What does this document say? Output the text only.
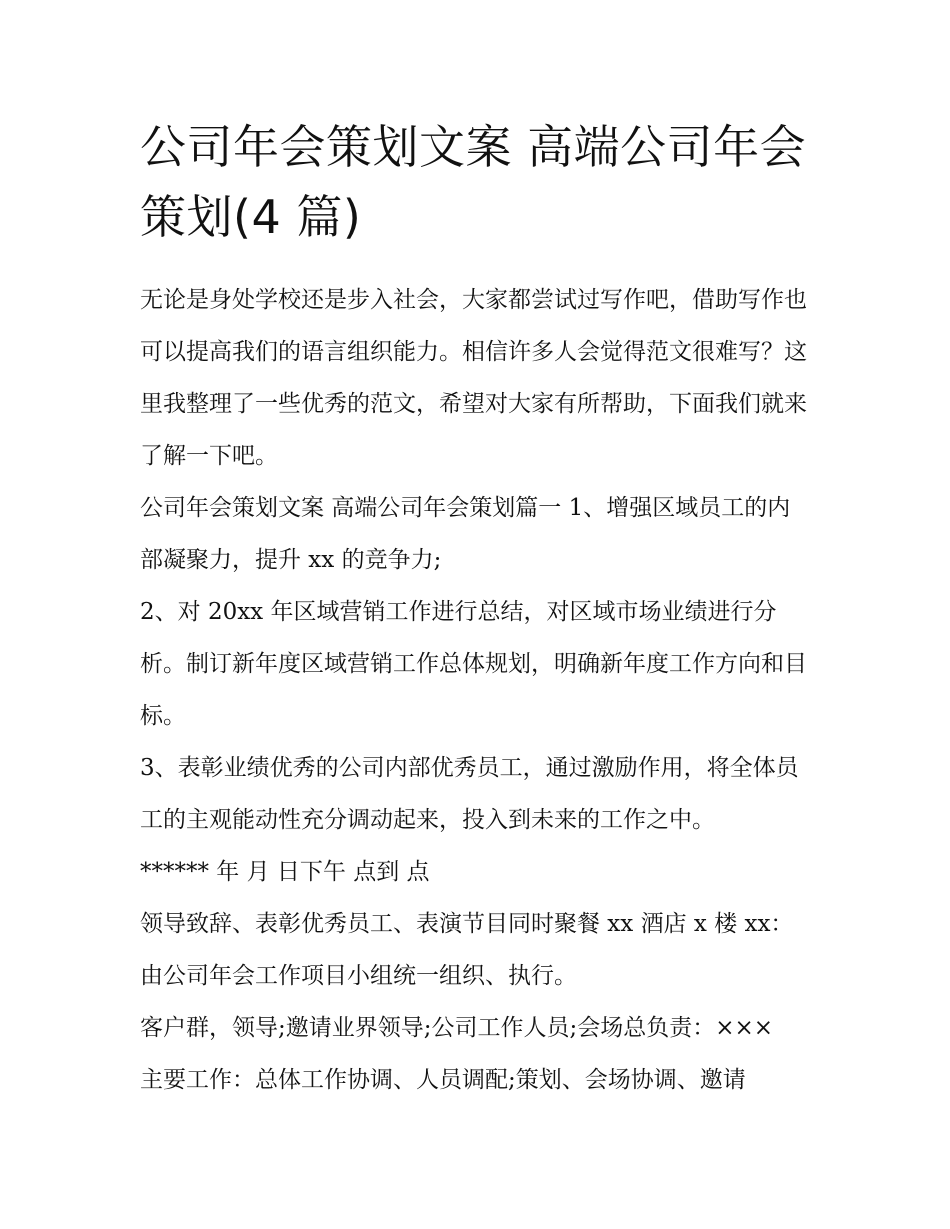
公司年会策划文案 高端公司年会策划(4 篇)

无论是身处学校还是步入社会，大家都尝试过写作吧，借助写作也可以提高我们的语言组织能力。相信许多人会觉得范文很难写？这里我整理了一些优秀的范文，希望对大家有所帮助，下面我们就来了解一下吧。

公司年会策划文案 高端公司年会策划篇一 1、增强区域员工的内部凝聚力，提升 xx 的竞争力;

2、对 20xx 年区域营销工作进行总结，对区域市场业绩进行分析。制订新年度区域营销工作总体规划，明确新年度工作方向和目标。

3、表彰业绩优秀的公司内部优秀员工，通过激励作用，将全体员工的主观能动性充分调动起来，投入到未来的工作之中。

****** 年 月 日下午 点到 点

领导致辞、表彰优秀员工、表演节目同时聚餐 xx 酒店 x 楼 xx：由公司年会工作项目小组统一组织、执行。

客户群，领导;邀请业界领导;公司工作人员;会场总负责：×××

主要工作：总体工作协调、人员调配;策划、会场协调、邀请
